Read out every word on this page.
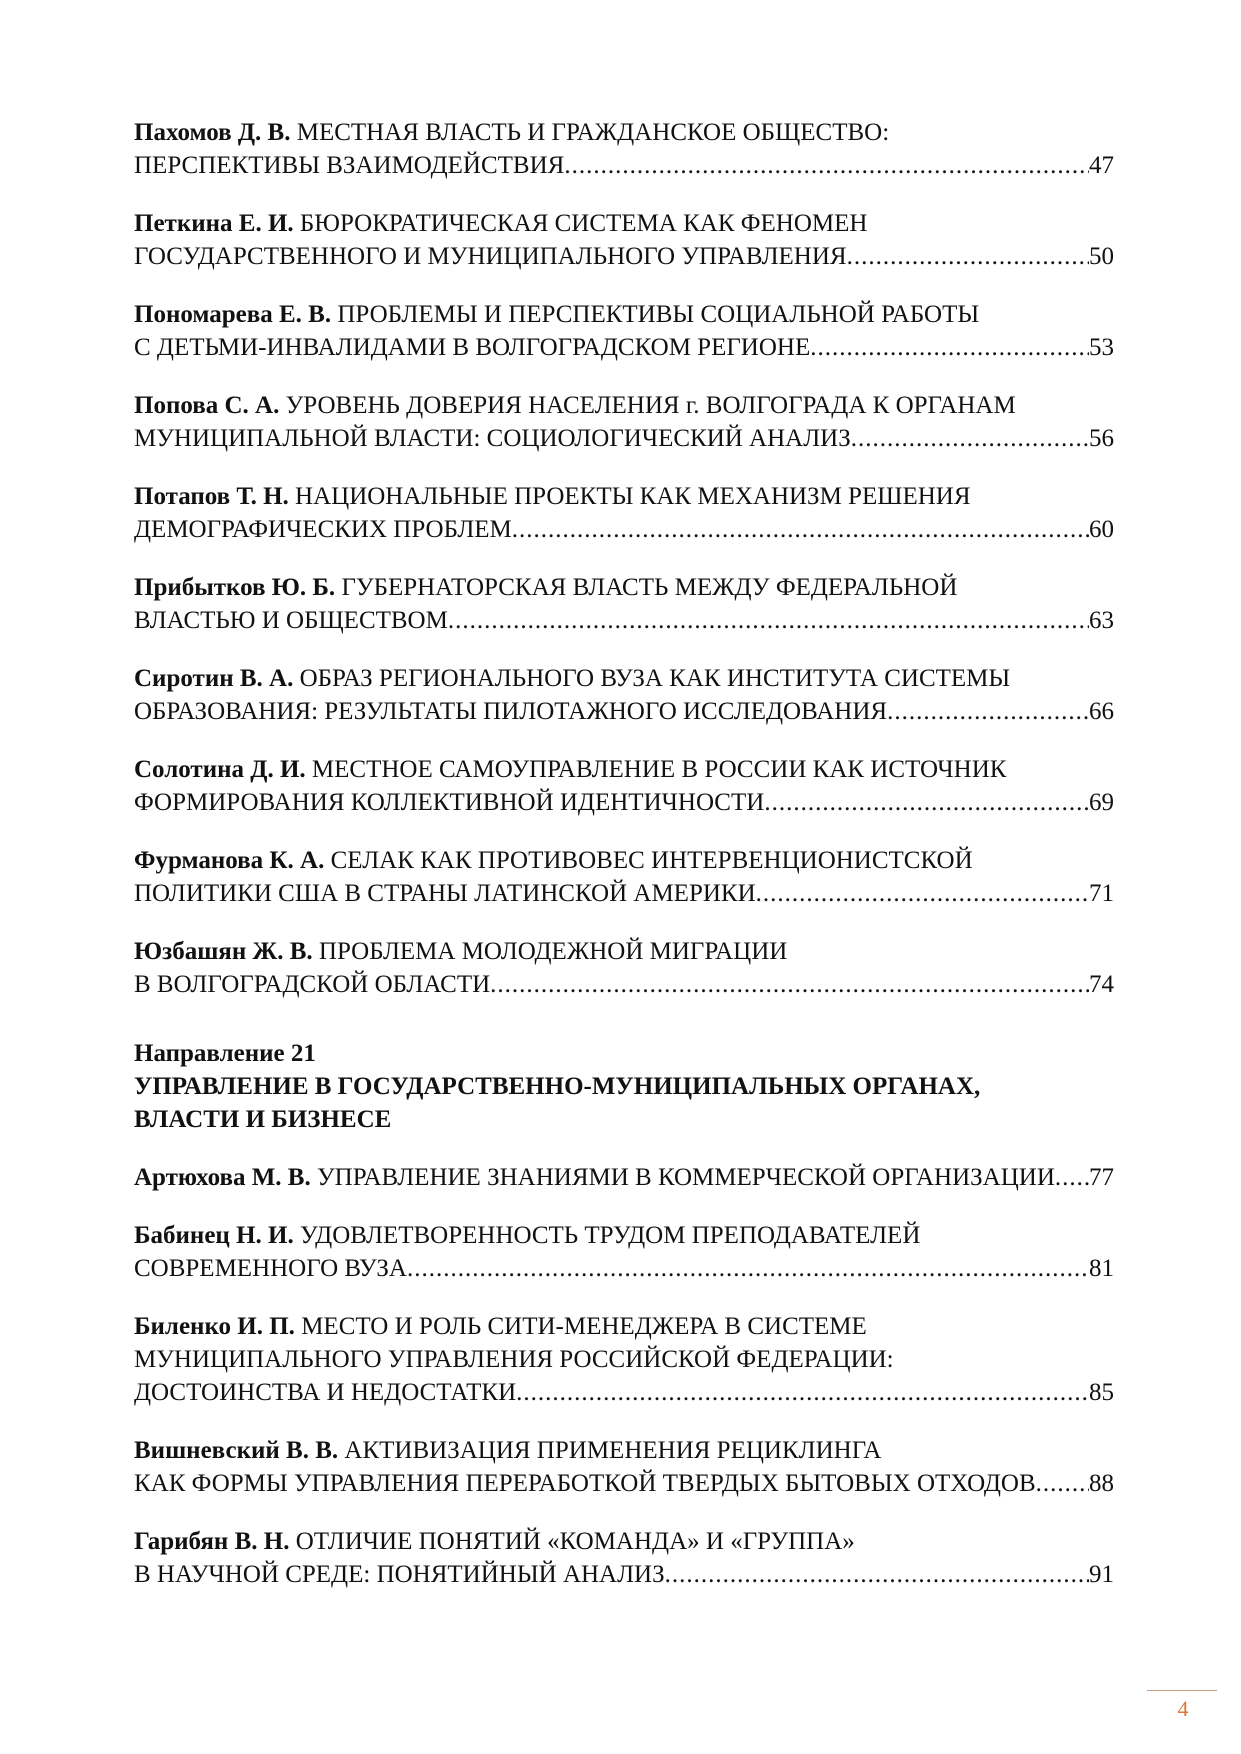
Пахомов Д. В. МЕСТНАЯ ВЛАСТЬ И ГРАЖДАНСКОЕ ОБЩЕСТВО:
ПЕРСПЕКТИВЫ ВЗАИМОДЕЙСТВИЯ .....	47
Петкина Е. И. БЮРОКРАТИЧЕСКАЯ СИСТЕМА КАК ФЕНОМЕН
ГОСУДАРСТВЕННОГО И МУНИЦИПАЛЬНОГО УПРАВЛЕНИЯ .....	50
Пономарева Е. В. ПРОБЛЕМЫ И ПЕРСПЕКТИВЫ СОЦИАЛЬНОЙ РАБОТЫ
С ДЕТЬМИ-ИНВАЛИДАМИ В ВОЛГОГРАДСКОМ РЕГИОНЕ .....	53
Попова С. А. УРОВЕНЬ ДОВЕРИЯ НАСЕЛЕНИЯ г. ВОЛГОГРАДА К ОРГАНАМ
МУНИЦИПАЛЬНОЙ ВЛАСТИ: СОЦИОЛОГИЧЕСКИЙ АНАЛИЗ .....	56
Потапов Т. Н. НАЦИОНАЛЬНЫЕ ПРОЕКТЫ КАК МЕХАНИЗМ РЕШЕНИЯ
ДЕМОГРАФИЧЕСКИХ ПРОБЛЕМ .....	60
Прибытков Ю. Б. ГУБЕРНАТОРСКАЯ ВЛАСТЬ МЕЖДУ ФЕДЕРАЛЬНОЙ
ВЛАСТЬЮ И ОБЩЕСТВОМ .....	63
Сиротин В. А. ОБРАЗ РЕГИОНАЛЬНОГО ВУЗА КАК ИНСТИТУТА СИСТЕМЫ
ОБРАЗОВАНИЯ: РЕЗУЛЬТАТЫ ПИЛОТАЖНОГО ИССЛЕДОВАНИЯ .....	66
Солотина Д. И. МЕСТНОЕ САМОУПРАВЛЕНИЕ В РОССИИ КАК ИСТОЧНИК
ФОРМИРОВАНИЯ КОЛЛЕКТИВНОЙ ИДЕНТИЧНОСТИ .....	69
Фурманова К. А. СЕЛАК КАК ПРОТИВОВЕС ИНТЕРВЕНЦИОНИСТСКОЙ
ПОЛИТИКИ США В СТРАНЫ ЛАТИНСКОЙ АМЕРИКИ .....	71
Юзбашян Ж. В. ПРОБЛЕМА МОЛОДЕЖНОЙ МИГРАЦИИ
В ВОЛГОГРАДСКОЙ ОБЛАСТИ .....	74
Направление 21
УПРАВЛЕНИЕ В ГОСУДАРСТВЕННО-МУНИЦИПАЛЬНЫХ ОРГАНАХ,
ВЛАСТИ И БИЗНЕСЕ
Артюхова М. В. УПРАВЛЕНИЕ ЗНАНИЯМИ В КОММЕРЧЕСКОЙ ОРГАНИЗАЦИИ ..... 77
Бабинец Н. И. УДОВЛЕТВОРЕННОСТЬ ТРУДОМ ПРЕПОДАВАТЕЛЕЙ
СОВРЕМЕННОГО ВУЗА .....	81
Биленко И. П. МЕСТО И РОЛЬ СИТИ-МЕНЕДЖЕРА В СИСТЕМЕ
МУНИЦИПАЛЬНОГО УПРАВЛЕНИЯ РОССИЙСКОЙ ФЕДЕРАЦИИ:
ДОСТОИНСТВА И НЕДОСТАТКИ .....	85
Вишневский В. В. АКТИВИЗАЦИЯ ПРИМЕНЕНИЯ РЕЦИКЛИНГА
КАК ФОРМЫ УПРАВЛЕНИЯ ПЕРЕРАБОТКОЙ ТВЕРДЫХ БЫТОВЫХ ОТХОДОВ ..... 88
Гарибян В. Н. ОТЛИЧИЕ ПОНЯТИЙ «КОМАНДА» И «ГРУППА»
В НАУЧНОЙ СРЕДЕ: ПОНЯТИЙНЫЙ АНАЛИЗ .....	91
4
